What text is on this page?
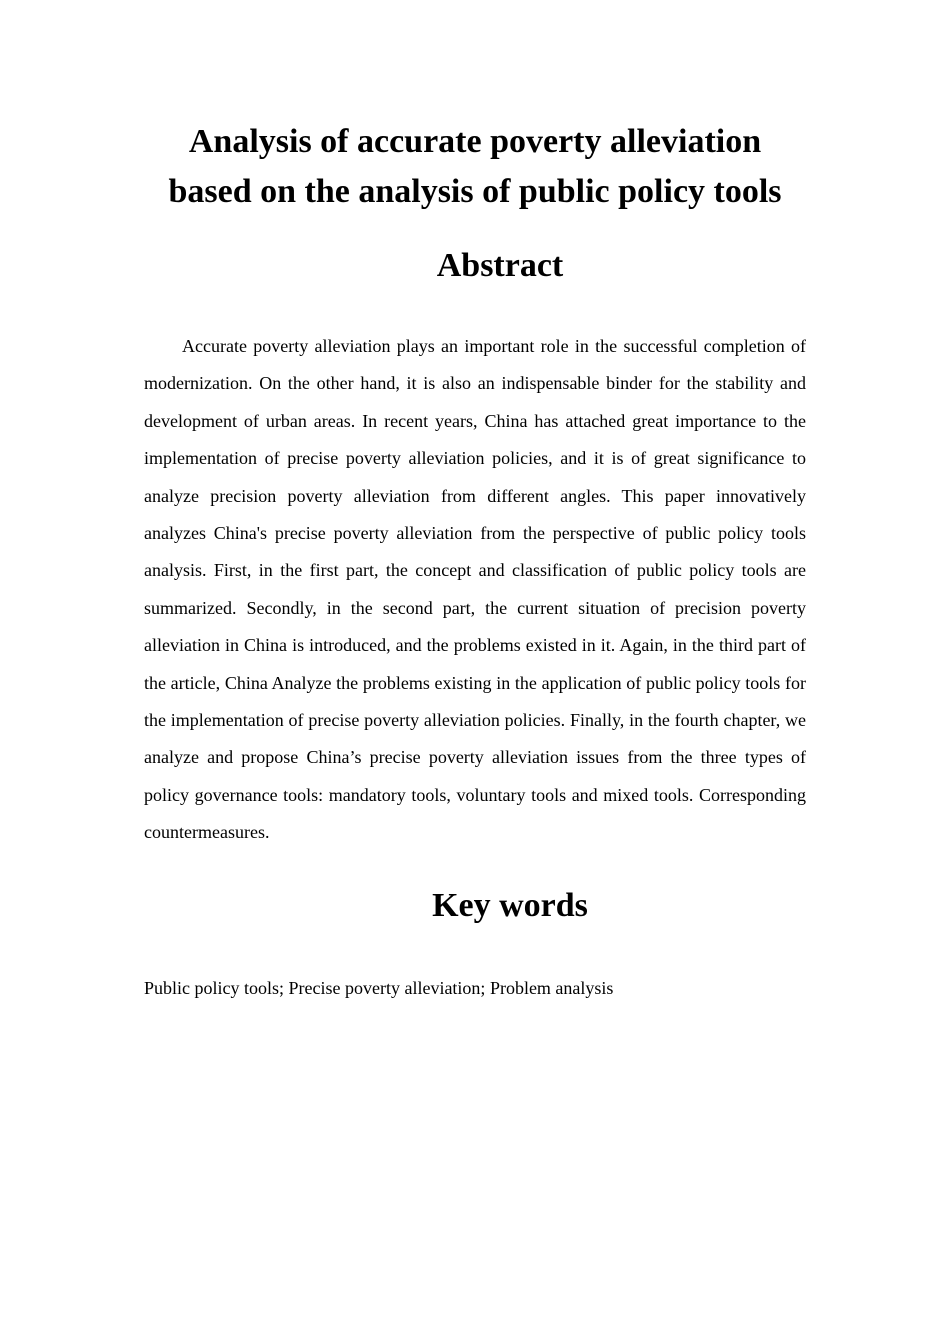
Analysis of accurate poverty alleviation based on the analysis of public policy tools
Abstract

Accurate poverty alleviation plays an important role in the successful completion of modernization. On the other hand, it is also an indispensable binder for the stability and development of urban areas. In recent years, China has attached great importance to the implementation of precise poverty alleviation policies, and it is of great significance to analyze precision poverty alleviation from different angles. This paper innovatively analyzes China's precise poverty alleviation from the perspective of public policy tools analysis. First, in the first part, the concept and classification of public policy tools are summarized. Secondly, in the second part, the current situation of precision poverty alleviation in China is introduced, and the problems existed in it. Again, in the third part of the article, China Analyze the problems existing in the application of public policy tools for the implementation of precise poverty alleviation policies. Finally, in the fourth chapter, we analyze and propose China’s precise poverty alleviation issues from the three types of policy governance tools: mandatory tools, voluntary tools and mixed tools. Corresponding countermeasures.

Key words

Public policy tools; Precise poverty alleviation; Problem analysis
